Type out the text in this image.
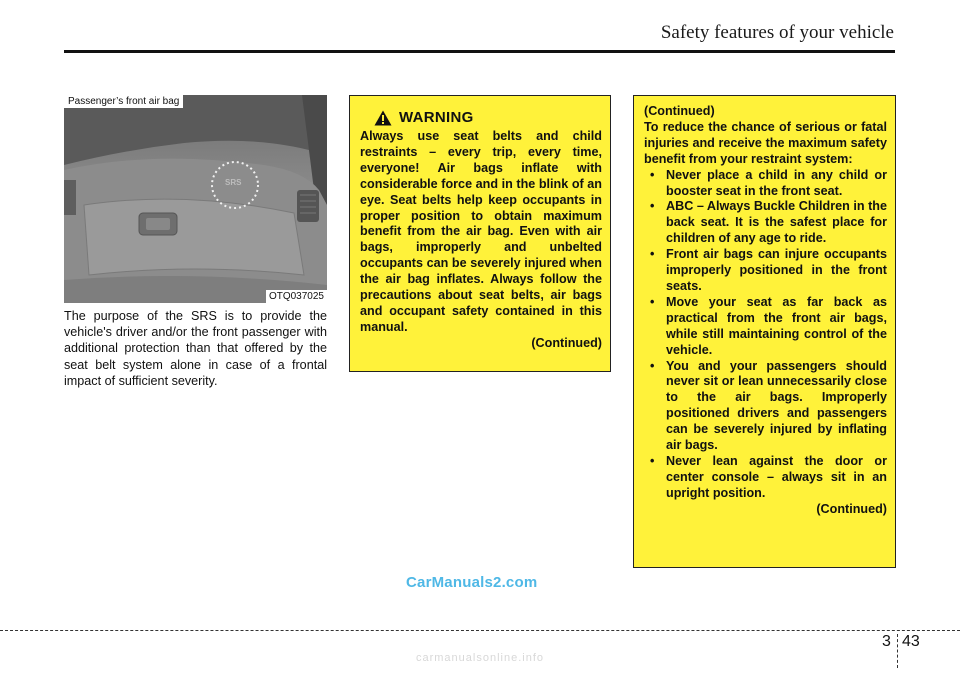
Safety features of your vehicle
SRS
Passenger’s front air bag
OTQ037025
The purpose of the SRS is to provide the vehicle's driver and/or the front passenger with additional protection than that offered by the seat belt system alone in case of a frontal impact of sufficient severity.
WARNING
Always use seat belts and child restraints – every trip, every time, everyone! Air bags inflate with considerable force and in the blink of an eye. Seat belts help keep occupants in proper position to obtain maximum benefit from the air bag. Even with air bags, improperly and unbelted occupants can be severely injured when the air bag inflates. Always follow the precautions about seat belts, air bags and occupant safety contained in this manual.
(Continued)
(Continued)
To reduce the chance of serious or fatal injuries and receive the maximum safety benefit from your restraint system:
• Never place a child in any child or booster seat in the front seat.
• ABC – Always Buckle Children in the back seat. It is the safest place for children of any age to ride.
• Front air bags can injure occupants improperly positioned in the front seats.
• Move your seat as far back as practical from the front air bags, while still maintaining control of the vehicle.
• You and your passengers should never sit or lean unnecessarily close to the air bags. Improperly positioned drivers and passengers can be severely injured by inflating air bags.
• Never lean against the door or center console – always sit in an upright position.
(Continued)
CarManuals2.com
3 43
carmanualsonline.info
